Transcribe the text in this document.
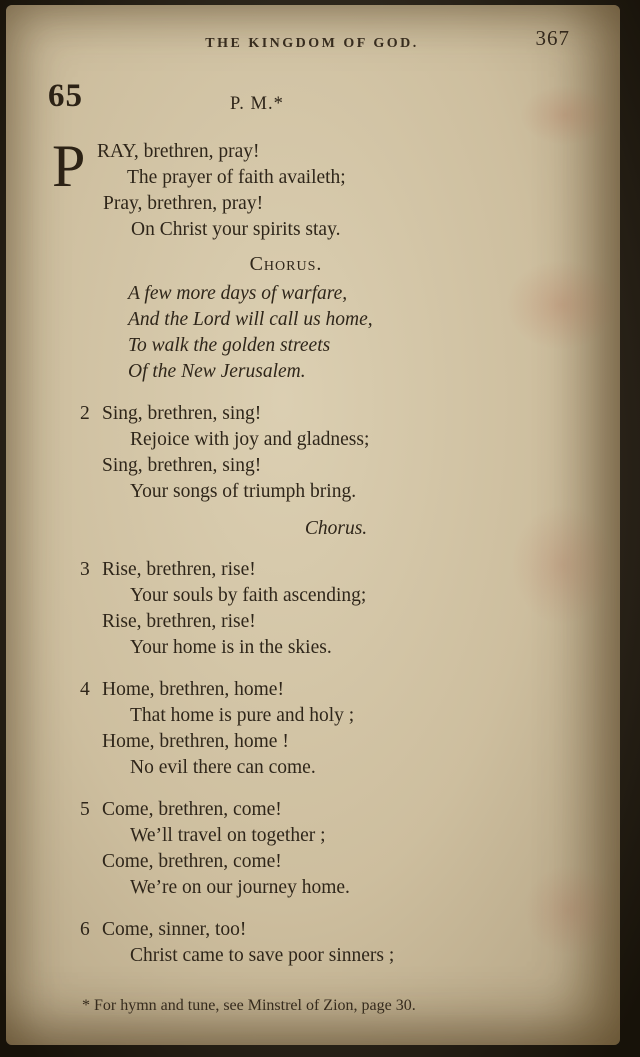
THE KINGDOM OF GOD.	367
65	P. M.*
P RAY, brethren, pray!
The prayer of faith availeth;
Pray, brethren, pray!
On Christ your spirits stay.
Chorus.
A few more days of warfare,
And the Lord will call us home,
To walk the golden streets
Of the New Jerusalem.
2 Sing, brethren, sing!
Rejoice with joy and gladness;
Sing, brethren, sing!
Your songs of triumph bring.
Chorus.
3 Rise, brethren, rise!
Your souls by faith ascending;
Rise, brethren, rise!
Your home is in the skies.
4 Home, brethren, home!
That home is pure and holy ;
Home, brethren, home !
No evil there can come.
5 Come, brethren, come!
We’ll travel on together ;
Come, brethren, come!
We’re on our journey home.
6 Come, sinner, too!
Christ came to save poor sinners ;
* For hymn and tune, see Minstrel of Zion, page 30.
